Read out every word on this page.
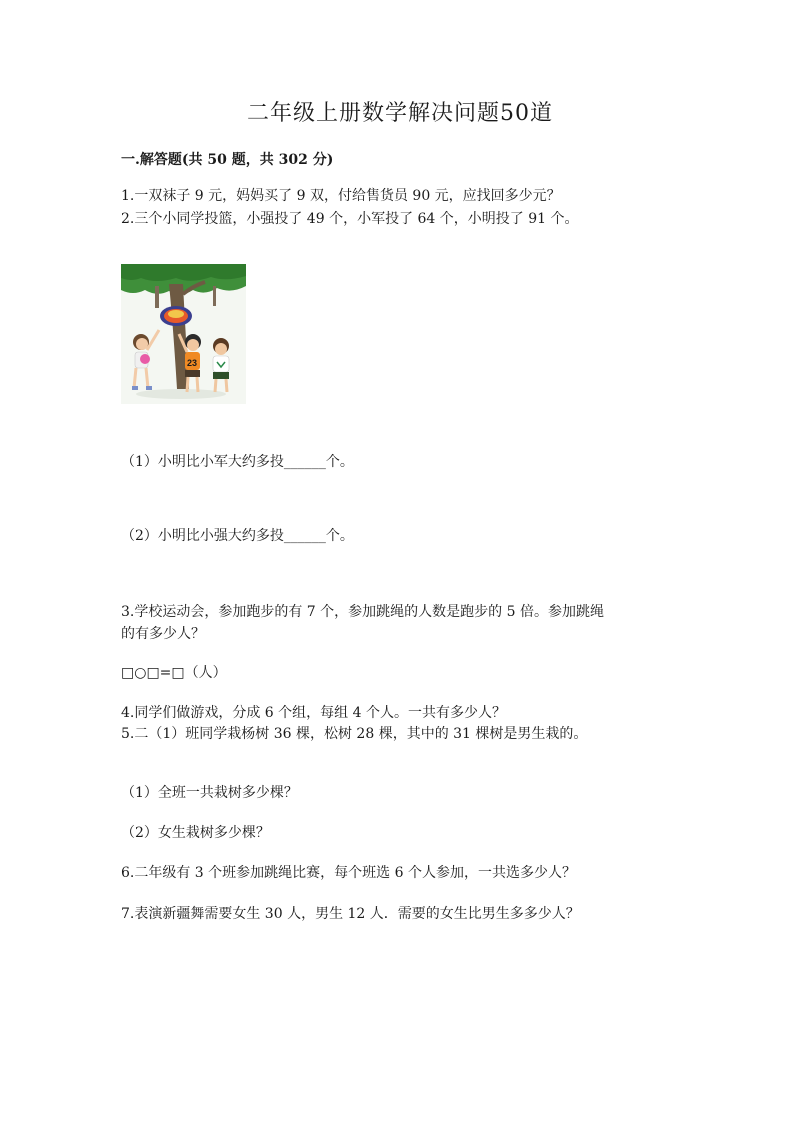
二年级上册数学解决问题50道
一.解答题(共 50 题，共 302 分)
1.一双袜子 9 元，妈妈买了 9 双，付给售货员 90 元，应找回多少元？
2.三个小同学投篮，小强投了 49 个，小军投了 64 个，小明投了 91 个。
23
（1）小明比小军大约多投______个。
（2）小明比小强大约多投______个。
3.学校运动会，参加跑步的有 7 个，参加跳绳的人数是跑步的 5 倍。参加跳绳
的有多少人？
□○□=□（人）
4.同学们做游戏，分成 6 个组，每组 4 个人。一共有多少人？
5.二（1）班同学栽杨树 36 棵，松树 28 棵，其中的 31 棵树是男生栽的。
（1）全班一共栽树多少棵？
（2）女生栽树多少棵？
6.二年级有 3 个班参加跳绳比赛，每个班选 6 个人参加，一共选多少人？
7.表演新疆舞需要女生 30 人，男生 12 人．需要的女生比男生多多少人？
